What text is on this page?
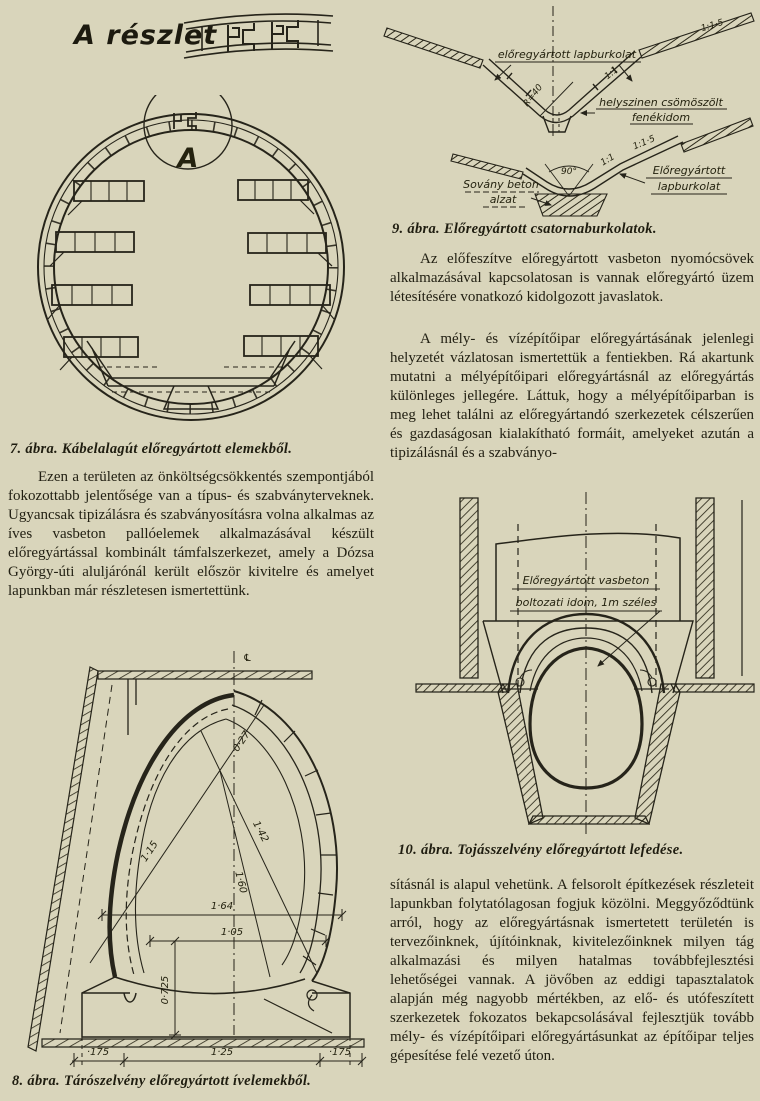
A részlet
A
7. ábra. Kábelalagút előregyártott elemekből.
Ezen a területen az önköltségcsökkentés szempontjából fokozottabb jelentősége van a típus- és szabványterveknek. Ugyancsak tipizálásra és szabványosításra volna alkalmas az íves vasbeton pallóelemek alkalmazásával készült előregyártással kombinált támfalszerkezet, amely a Dózsa György-úti aluljárónál került először kivitelre és amelyet lapunkban már részletesen ismertettünk.
℄
0·27
1·15
1·42
1·60
1·64
1·05
0·725
·175	1·25	·175
8. ábra. Tárószelvény előregyártott ívelemekből.
előregyártott lapburkolat
R=40
1:1
1:1·5
helyszinen csömöszölt
fenékidom
90°
1:1
1:1·5
Sovány beton
alzat
Előregyártott
lapburkolat
9. ábra. Előregyártott csatornaburkolatok.
Az előfeszítve előregyártott vasbeton nyomócsövek alkalmazásával kapcsolatosan is vannak előregyártó üzem létesítésére vonatkozó kidolgozott javaslatok.
A mély- és vízépítőipar előregyártásának jelenlegi helyzetét vázlatosan ismertettük a fentiekben. Rá akartunk mutatni a mélyépítőipari előregyártásnál az előregyártás különleges jellegére. Láttuk, hogy a mélyépítőiparban is meg lehet találni az előregyártandó szerkezetek célszerűen és gazdaságosan kialakítható formáit, amelyeket azután a tipizálásnál és a szabványo-
Előregyártott vasbeton
boltozati idom, 1m széles
10. ábra. Tojásszelvény előregyártott lefedése.
sításnál is alapul vehetünk. A felsorolt építkezések részleteit lapunkban folytatólagosan fogjuk közölni. Meggyőződtünk arról, hogy az előregyártásnak ismertetett területén is tervezőinknek, újítóinknak, kivitelezőinknek milyen tág alkalmazási és milyen hatalmas továbbfejlesztési lehetőségei vannak. A jövőben az eddigi tapasztalatok alapján még nagyobb mértékben, az elő- és utófeszített szerkezetek fokozatos bekapcsolásával fejlesztjük tovább mély- és vízépítőipari előregyártásunkat az építőipar teljes gépesítése felé vezető úton.
